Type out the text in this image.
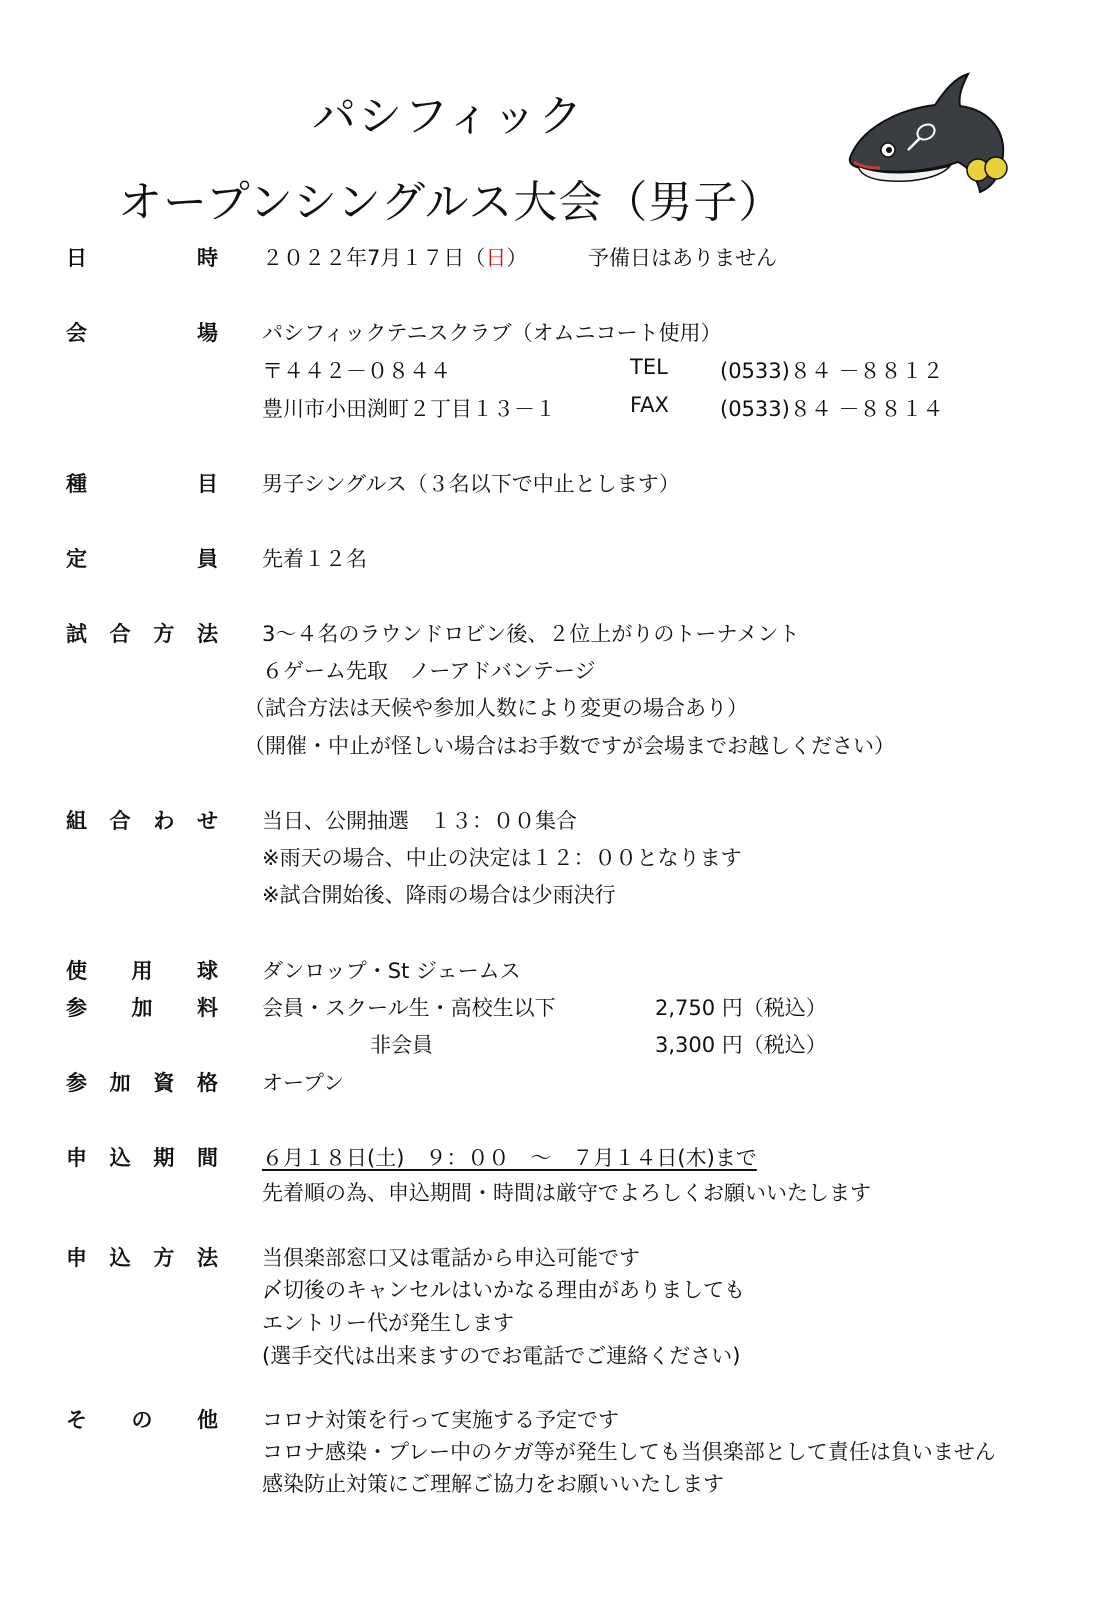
パシフィック
オープンシングルス大会（男子）
日	時 ２０２２年7月１７日（日）	予備日はありません
会	場 パシフィックテニスクラブ（オムニコート使用）
〒４４２－０８４４	TEL (0533)８４ －８８１２
豊川市小田渕町２丁目１３－１	FAX (0533)８４ －８８１４
種	目 男子シングルス（３名以下で中止とします）
定	員 先着１２名
試 合 方 法 3～４名のラウンドロビン後、２位上がりのトーナメント
６ゲーム先取　ノーアドバンテージ
（試合方法は天候や参加人数により変更の場合あり）
（開催・中止が怪しい場合はお手数ですが会場までお越しください）
組 合 わ せ 当日、公開抽選　１３：００集合
※雨天の場合、中止の決定は１２：００となります
※試合開始後、降雨の場合は少雨決行
使 用 球 ダンロップ・St ジェームス
参 加 料 会員・スクール生・高校生以下	2,750 円（税込）
非会員	3,300 円（税込）
参 加 資 格 オープン
申 込 期 間 ６月１８日(土)　９：００　～　７月１４日(木)まで
先着順の為、申込期間・時間は厳守でよろしくお願いいたします
申 込 方 法 当倶楽部窓口又は電話から申込可能です
〆切後のキャンセルはいかなる理由がありましても
エントリー代が発生します
(選手交代は出来ますのでお電話でご連絡ください)
そ の 他 コロナ対策を行って実施する予定です
コロナ感染・プレー中のケガ等が発生しても当倶楽部として責任は負いません
感染防止対策にご理解ご協力をお願いいたします
